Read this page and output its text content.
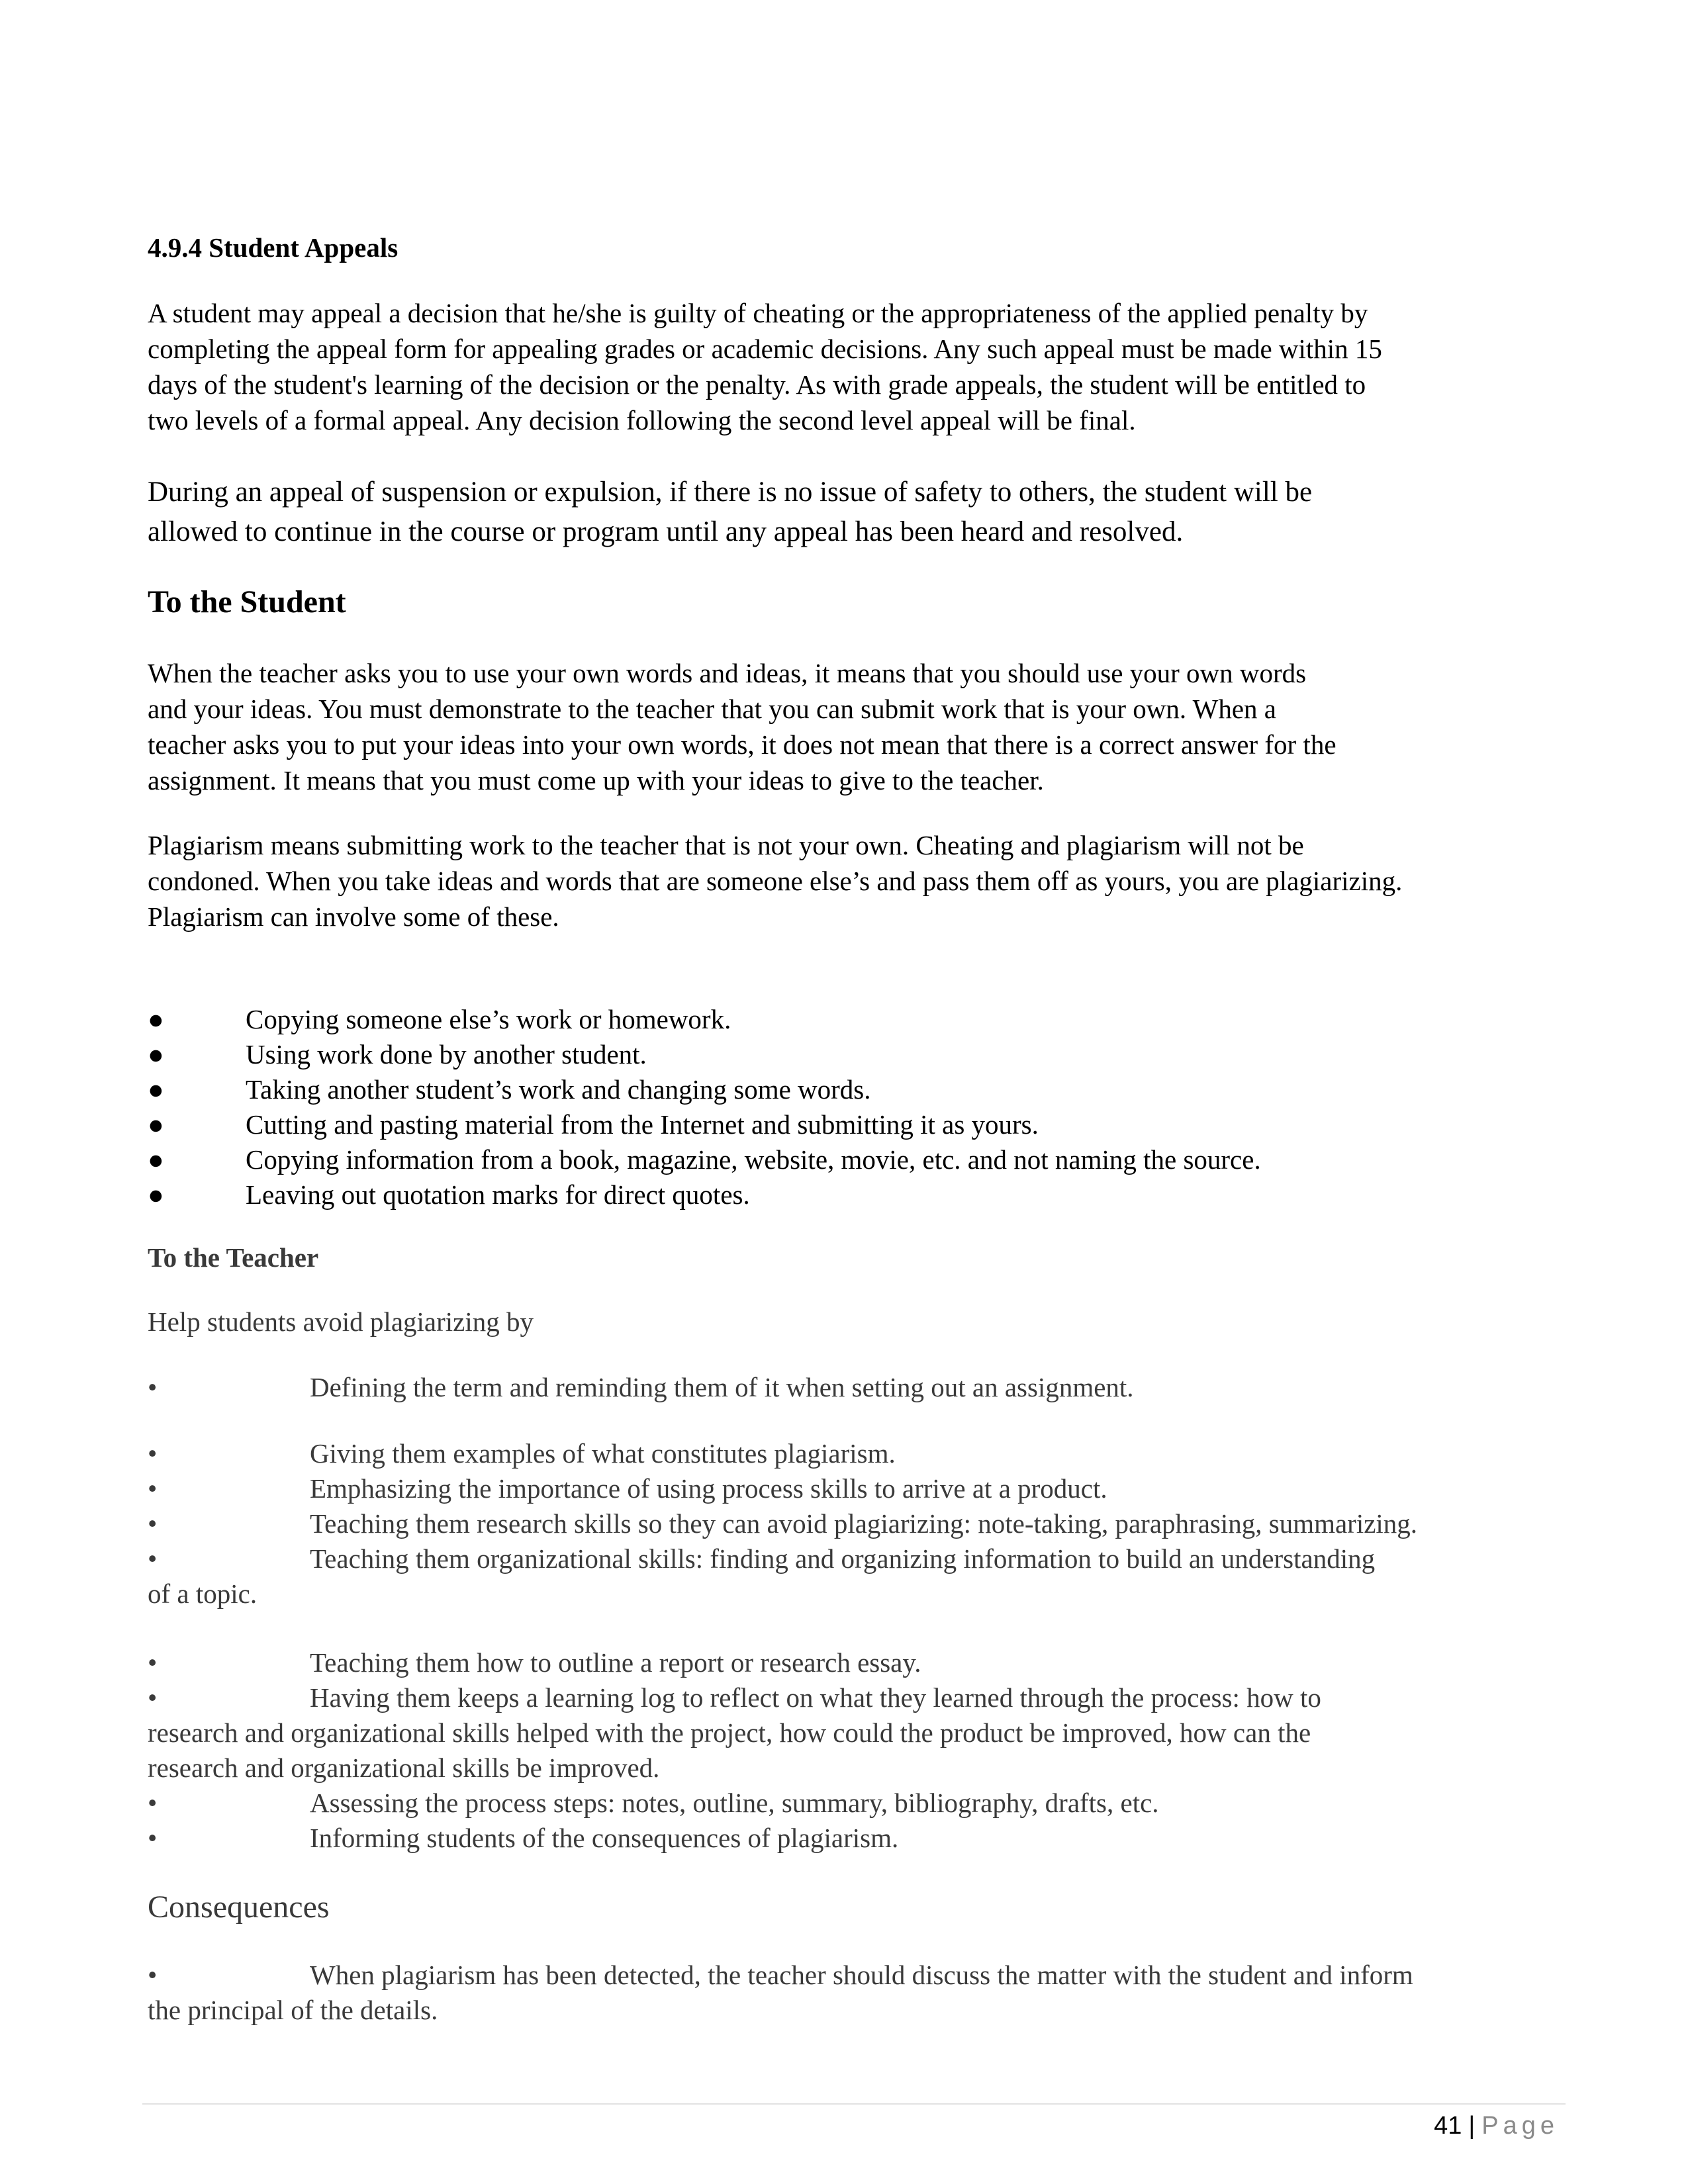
4.9.4 Student Appeals
A student may appeal a decision that he/she is guilty of cheating or the appropriateness of the applied penalty by
completing the appeal form for appealing grades or academic decisions. Any such appeal must be made within 15
days of the student's learning of the decision or the penalty. As with grade appeals, the student will be entitled to
two levels of a formal appeal. Any decision following the second level appeal will be final.
During an appeal of suspension or expulsion, if there is no issue of safety to others, the student will be
allowed to continue in the course or program until any appeal has been heard and resolved.
To the Student
When the teacher asks you to use your own words and ideas, it means that you should use your own words
and your ideas. You must demonstrate to the teacher that you can submit work that is your own. When a
teacher asks you to put your ideas into your own words, it does not mean that there is a correct answer for the
assignment. It means that you must come up with your ideas to give to the teacher.
Plagiarism means submitting work to the teacher that is not your own. Cheating and plagiarism will not be
condoned. When you take ideas and words that are someone else’s and pass them off as yours, you are plagiarizing.
Plagiarism can involve some of these.
●	Copying someone else’s work or homework.
●	Using work done by another student.
●	Taking another student’s work and changing some words.
●	Cutting and pasting material from the Internet and submitting it as yours.
●	Copying information from a book, magazine, website, movie, etc. and not naming the source.
●	Leaving out quotation marks for direct quotes.
To the Teacher
Help students avoid plagiarizing by
•	Defining the term and reminding them of it when setting out an assignment.
•	Giving them examples of what constitutes plagiarism.
•	Emphasizing the importance of using process skills to arrive at a product.
•	Teaching them research skills so they can avoid plagiarizing: note-taking, paraphrasing, summarizing.
•	Teaching them organizational skills: finding and organizing information to build an understanding
of a topic.
•	Teaching them how to outline a report or research essay.
•	Having them keeps a learning log to reflect on what they learned through the process: how to
research and organizational skills helped with the project, how could the product be improved, how can the
research and organizational skills be improved.
•	Assessing the process steps: notes, outline, summary, bibliography, drafts, etc.
•	Informing students of the consequences of plagiarism.
Consequences
•	When plagiarism has been detected, the teacher should discuss the matter with the student and inform
the principal of the details.
41 | Page
